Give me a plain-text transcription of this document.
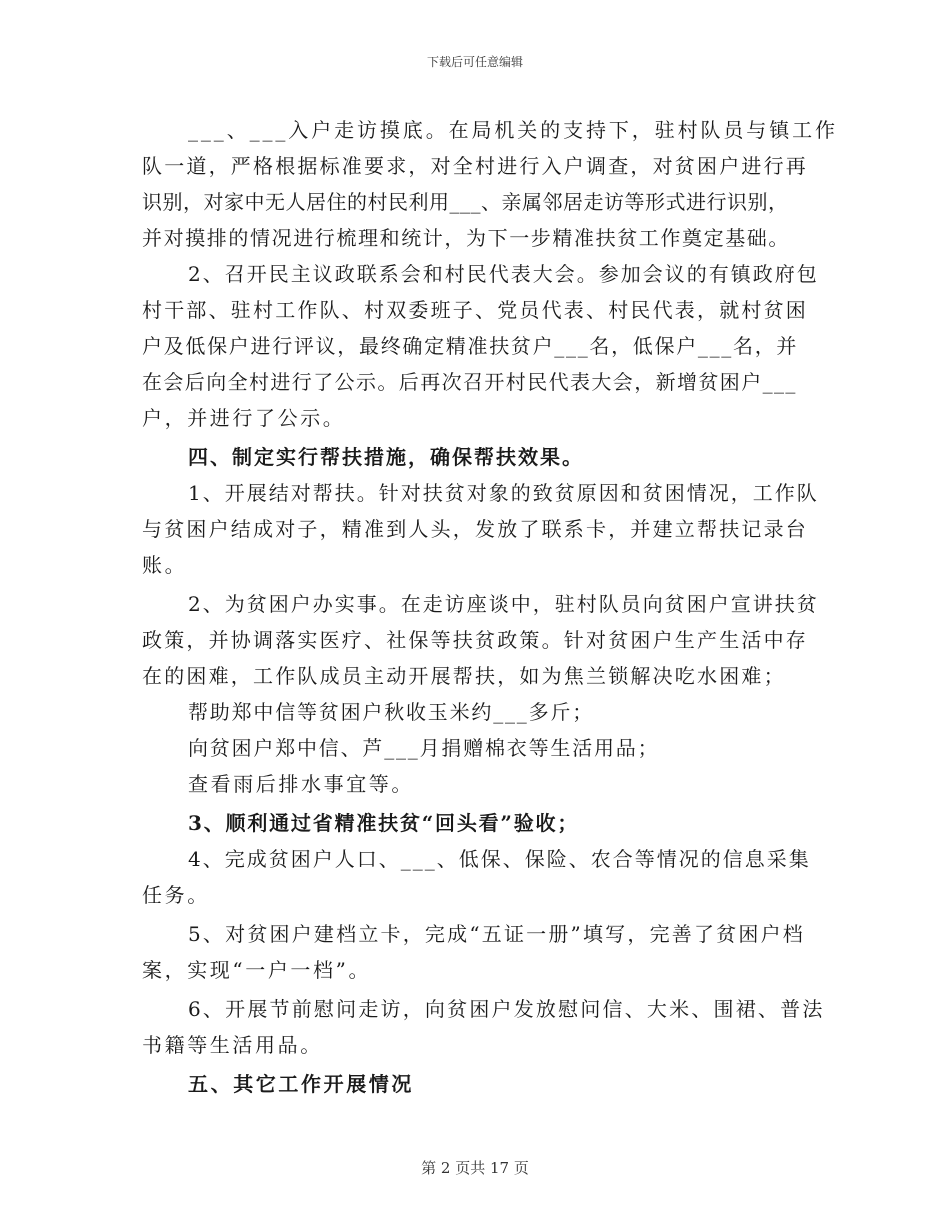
下载后可任意编辑
___、___入户走访摸底。在局机关的支持下，驻村队员与镇工作
队一道，严格根据标准要求，对全村进行入户调查，对贫困户进行再
识别，对家中无人居住的村民利用___、亲属邻居走访等形式进行识别，
并对摸排的情况进行梳理和统计，为下一步精准扶贫工作奠定基础。
2、召开民主议政联系会和村民代表大会。参加会议的有镇政府包
村干部、驻村工作队、村双委班子、党员代表、村民代表，就村贫困
户及低保户进行评议，最终确定精准扶贫户___名，低保户___名，并
在会后向全村进行了公示。后再次召开村民代表大会，新增贫困户___
户，并进行了公示。
四、制定实行帮扶措施，确保帮扶效果。
1、开展结对帮扶。针对扶贫对象的致贫原因和贫困情况，工作队
与贫困户结成对子，精准到人头，发放了联系卡，并建立帮扶记录台
账。
2、为贫困户办实事。在走访座谈中，驻村队员向贫困户宣讲扶贫
政策，并协调落实医疗、社保等扶贫政策。针对贫困户生产生活中存
在的困难，工作队成员主动开展帮扶，如为焦兰锁解决吃水困难；
帮助郑中信等贫困户秋收玉米约___多斤；
向贫困户郑中信、芦___月捐赠棉衣等生活用品；
查看雨后排水事宜等。
3、顺利通过省精准扶贫“回头看”验收；
4、完成贫困户人口、___、低保、保险、农合等情况的信息采集
任务。
5、对贫困户建档立卡，完成“五证一册”填写，完善了贫困户档
案，实现“一户一档”。
6、开展节前慰问走访，向贫困户发放慰问信、大米、围裙、普法
书籍等生活用品。
五、其它工作开展情况
第 2 页共 17 页
